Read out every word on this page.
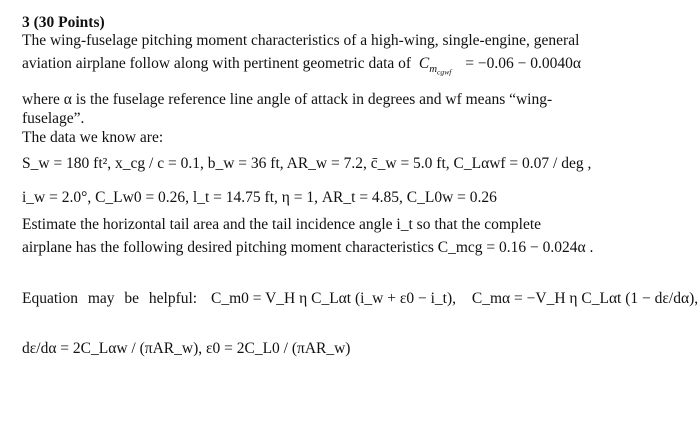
3 (30 Points)
The wing-fuselage pitching moment characteristics of a high-wing, single-engine, general
aviation airplane follow along with pertinent geometric data of  $C_{m_{cgwf}} = -0.06 - 0.0040\alpha$
where α is the fuselage reference line angle of attack in degrees and wf means “wing-
fuselage”.
The data we know are:
S_w = 180 ft², x_cg / c = 0.1, b_w = 36 ft, AR_w = 7.2, c̄_w = 5.0 ft, C_Lαwf = 0.07 / deg ,
i_w = 2.0°, C_Lw0 = 0.26, l_t = 14.75 ft, η = 1, AR_t = 4.85, C_L0w = 0.26
Estimate the horizontal tail area and the tail incidence angle i_t so that the complete
airplane has the following desired pitching moment characteristics C_mcg = 0.16 − 0.024α .
Equation may be helpful: C_m0 = V_H η C_Lαt (i_w + ε0 − i_t), C_mα = −V_H η C_Lαt (1 − dε/dα),
dε/dα = 2C_Lαw / (πAR_w), ε0 = 2C_L0 / (πAR_w)
